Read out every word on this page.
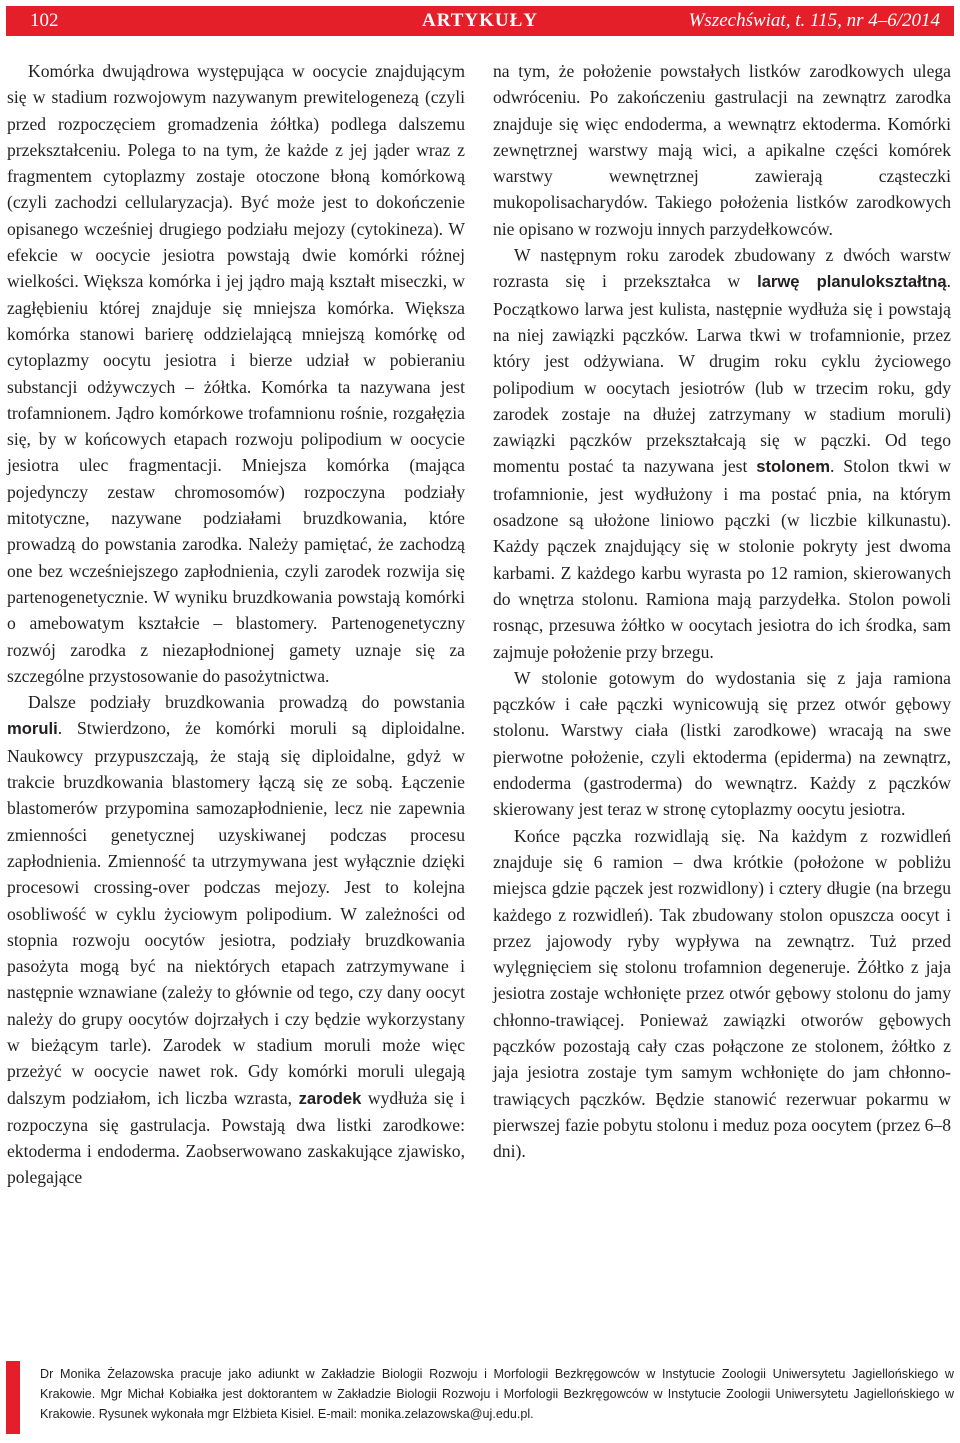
102	ARTYKUŁY	Wszechświat, t. 115, nr 4–6/2014

Komórka dwujądrowa występująca w oocycie znajdującym się w stadium rozwojowym nazywanym prewitelogenezą (czyli przed rozpoczęciem gromadzenia żółtka) podlega dalszemu przekształceniu. Polega to na tym, że każde z jej jąder wraz z fragmentem cytoplazmy zostaje otoczone błoną komórkową (czyli zachodzi cellularyzacja). Być może jest to dokończenie opisanego wcześniej drugiego podziału mejozy (cytokineza). W efekcie w oocycie jesiotra powstają dwie komórki różnej wielkości. Większa komórka i jej jądro mają kształt miseczki, w zagłębieniu której znajduje się mniejsza komórka. Większa komórka stanowi barierę oddzielającą mniejszą komórkę od cytoplazmy oocytu jesiotra i bierze udział w pobieraniu substancji odżywczych – żółtka. Komórka ta nazywana jest trofamnionem. Jądro komórkowe trofamnionu rośnie, rozgałęzia się, by w końcowych etapach rozwoju polipodium w oocycie jesiotra ulec fragmentacji. Mniejsza komórka (mająca pojedynczy zestaw chromosomów) rozpoczyna podziały mitotyczne, nazywane podziałami bruzdkowania, które prowadzą do powstania zarodka. Należy pamiętać, że zachodzą one bez wcześniejszego zapłodnienia, czyli zarodek rozwija się partenogenetycznie. W wyniku bruzdkowania powstają komórki o amebowatym kształcie – blastomery. Partenogenetyczny rozwój zarodka z niezapłodnionej gamety uznaje się za szczególne przystosowanie do pasożytnictwa.

Dalsze podziały bruzdkowania prowadzą do powstania moruli. Stwierdzono, że komórki moruli są diploidalne. Naukowcy przypuszczają, że stają się diploidalne, gdyż w trakcie bruzdkowania blastomery łączą się ze sobą. Łączenie blastomerów przypomina samozapłodnienie, lecz nie zapewnia zmienności genetycznej uzyskiwanej podczas procesu zapłodnienia. Zmienność ta utrzymywana jest wyłącznie dzięki procesowi crossing-over podczas mejozy. Jest to kolejna osobliwość w cyklu życiowym polipodium. W zależności od stopnia rozwoju oocytów jesiotra, podziały bruzdkowania pasożyta mogą być na niektórych etapach zatrzymywane i następnie wznawiane (zależy to głównie od tego, czy dany oocyt należy do grupy oocytów dojrzałych i czy będzie wykorzystany w bieżącym tarle). Zarodek w stadium moruli może więc przeżyć w oocycie nawet rok. Gdy komórki moruli ulegają dalszym podziałom, ich liczba wzrasta, zarodek wydłuża się i rozpoczyna się gastrulacja. Powstają dwa listki zarodkowe: ektoderma i endoderma. Zaobserwowano zaskakujące zjawisko, polegające

na tym, że położenie powstałych listków zarodkowych ulega odwróceniu. Po zakończeniu gastrulacji na zewnątrz zarodka znajduje się więc endoderma, a wewnątrz ektoderma. Komórki zewnętrznej warstwy mają wici, a apikalne części komórek warstwy wewnętrznej zawierają cząsteczki mukopolisacharydów. Takiego położenia listków zarodkowych nie opisano w rozwoju innych parzydełkowców.

W następnym roku zarodek zbudowany z dwóch warstw rozrasta się i przekształca w larwę planulokształtną. Początkowo larwa jest kulista, następnie wydłuża się i powstają na niej zawiązki pączków. Larwa tkwi w trofamnionie, przez który jest odżywiana. W drugim roku cyklu życiowego polipodium w oocytach jesiotrów (lub w trzecim roku, gdy zarodek zostaje na dłużej zatrzymany w stadium moruli) zawiązki pączków przekształcają się w pączki. Od tego momentu postać ta nazywana jest stolonem. Stolon tkwi w trofamnionie, jest wydłużony i ma postać pnia, na którym osadzone są ułożone liniowo pączki (w liczbie kilkunastu). Każdy pączek znajdujący się w stolonie pokryty jest dwoma karbami. Z każdego karbu wyrasta po 12 ramion, skierowanych do wnętrza stolonu. Ramiona mają parzydełka. Stolon powoli rosnąc, przesuwa żółtko w oocytach jesiotra do ich środka, sam zajmuje położenie przy brzegu.

W stolonie gotowym do wydostania się z jaja ramiona pączków i całe pączki wynicowują się przez otwór gębowy stolonu. Warstwy ciała (listki zarodkowe) wracają na swe pierwotne położenie, czyli ektoderma (epiderma) na zewnątrz, endoderma (gastroderma) do wewnątrz. Każdy z pączków skierowany jest teraz w stronę cytoplazmy oocytu jesiotra.

Końce pączka rozwidlają się. Na każdym z rozwidleń znajduje się 6 ramion – dwa krótkie (położone w pobliżu miejsca gdzie pączek jest rozwidlony) i cztery długie (na brzegu każdego z rozwidleń). Tak zbudowany stolon opuszcza oocyt i przez jajowody ryby wypływa na zewnątrz. Tuż przed wylęgnięciem się stolonu trofamnion degeneruje. Żółtko z jaja jesiotra zostaje wchłonięte przez otwór gębowy stolonu do jamy chłonno-trawiącej. Ponieważ zawiązki otworów gębowych pączków pozostają cały czas połączone ze stolonem, żółtko z jaja jesiotra zostaje tym samym wchłonięte do jam chłonno-trawiących pączków. Będzie stanowić rezerwuar pokarmu w pierwszej fazie pobytu stolonu i meduz poza oocytem (przez 6–8 dni).

Dr Monika Żelazowska pracuje jako adiunkt w Zakładzie Biologii Rozwoju i Morfologii Bezkręgowców w Instytucie Zoologii Uniwersytetu Jagiellońskiego w Krakowie. Mgr Michał Kobiałka jest doktorantem w Zakładzie Biologii Rozwoju i Morfologii Bezkręgowców w Instytucie Zoologii Uniwersytetu Jagiellońskiego w Krakowie. Rysunek wykonała mgr Elżbieta Kisiel. E-mail: monika.zelazowska@uj.edu.pl.
